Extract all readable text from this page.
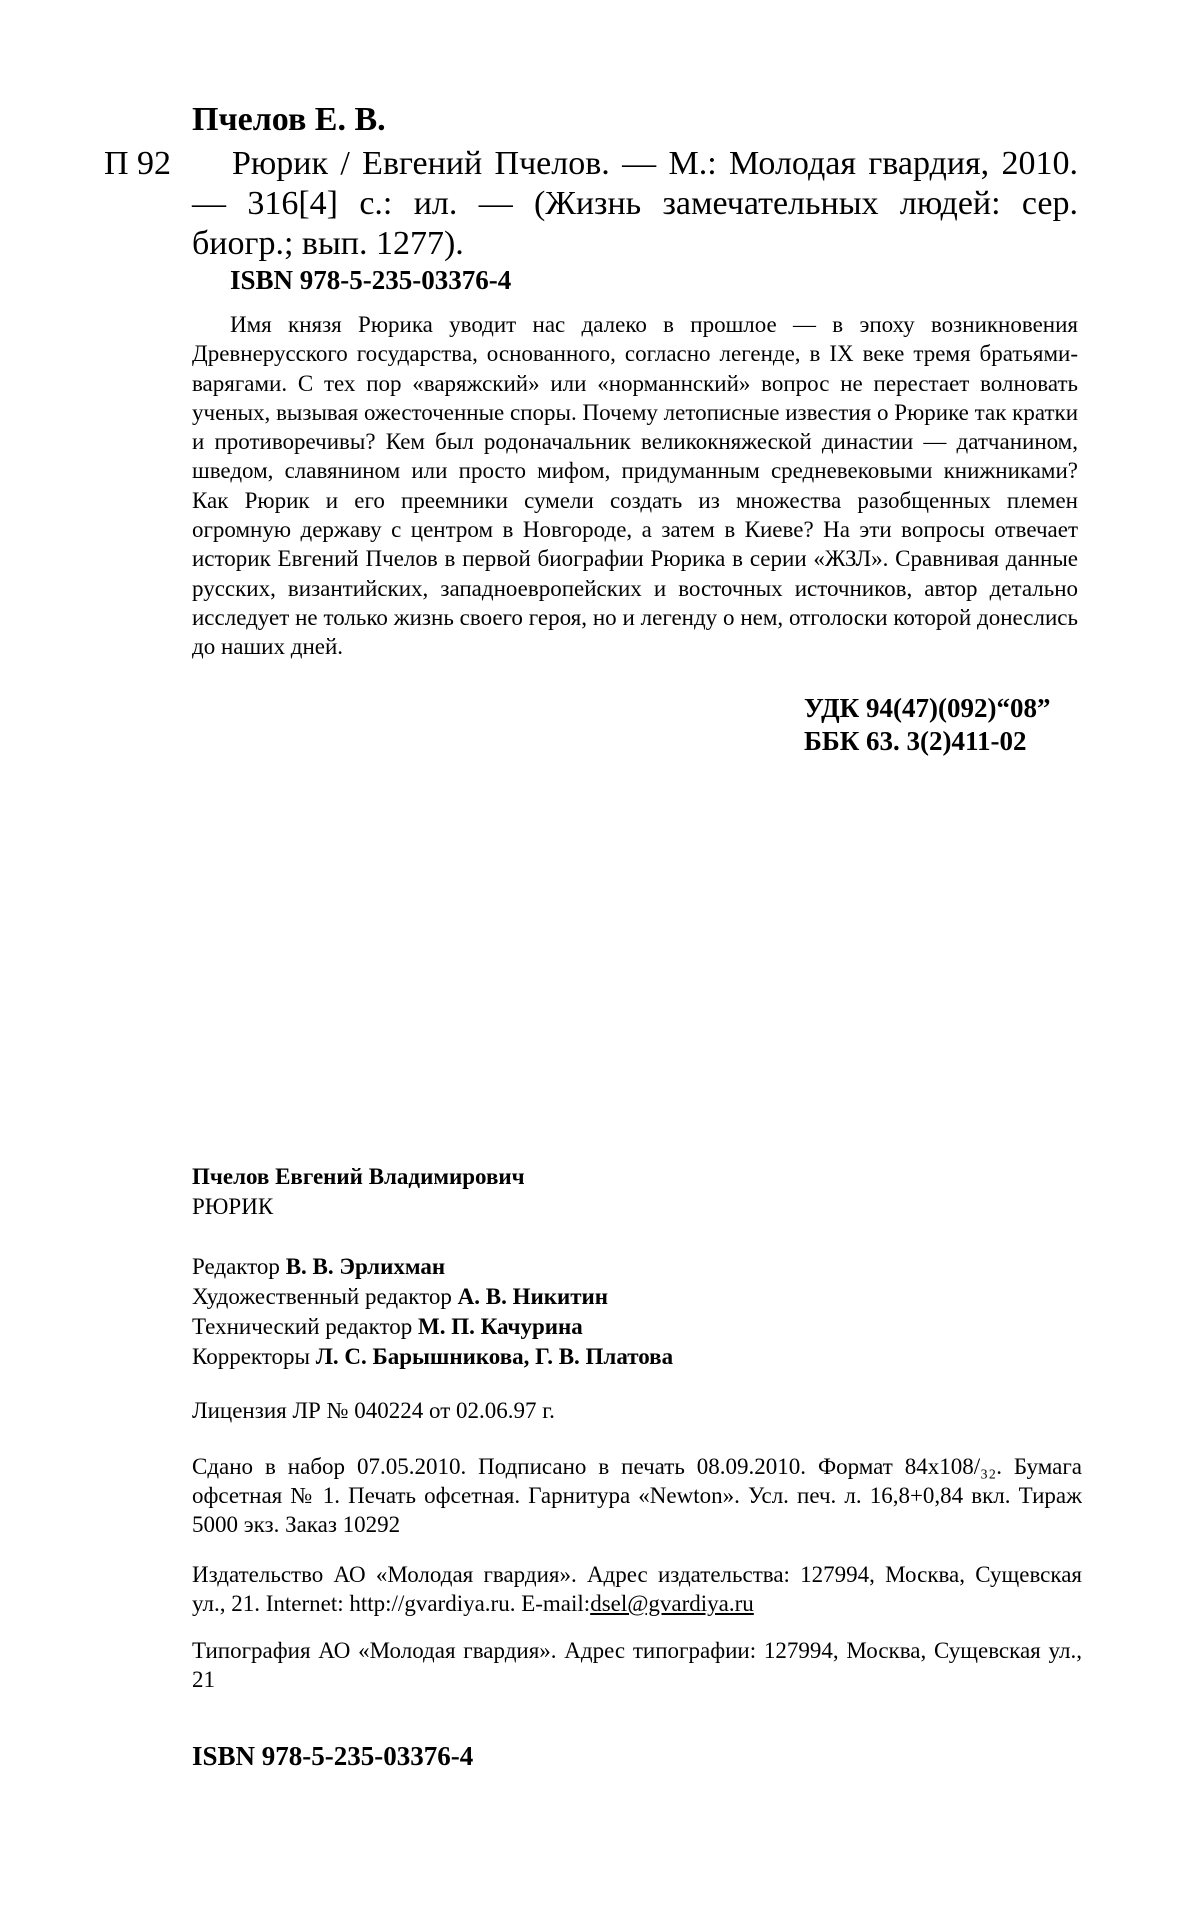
Пчелов Е. В.
П 92	Рюрик / Евгений Пчелов. — М.: Молодая гвардия, 2010. — 316[4] с.: ил. — (Жизнь замечательных людей: сер. биогр.; вып. 1277).
ISBN 978-5-235-03376-4

Имя князя Рюрика уводит нас далеко в прошлое — в эпоху возникновения Древнерусского государства, основанного, согласно легенде, в IX веке тремя братьями-варягами. С тех пор «варяжский» или «норманнский» вопрос не перестает волновать ученых, вызывая ожесточенные споры. Почему летописные известия о Рюрике так кратки и противоречивы? Кем был родоначальник великокняжеской династии — датчанином, шведом, славянином или просто мифом, придуманным средневековыми книжниками? Как Рюрик и его преемники сумели создать из множества разобщенных племен огромную державу с центром в Новгороде, а затем в Киеве? На эти вопросы отвечает историк Евгений Пчелов в первой биографии Рюрика в серии «ЖЗЛ». Сравнивая данные русских, византийских, западноевропейских и восточных источников, автор детально исследует не только жизнь своего героя, но и легенду о нем, отголоски которой донеслись до наших дней.

УДК 94(47)(092)“08”
ББК 63. 3(2)411-02
Пчелов Евгений Владимирович
РЮРИК
Редактор В. В. Эрлихман
Художественный редактор А. В. Никитин
Технический редактор М. П. Качурина
Корректоры Л. С. Барышникова, Г. В. Платова
Лицензия ЛР № 040224 от 02.06.97 г.
Сдано в набор 07.05.2010. Подписано в печать 08.09.2010. Формат 84x108/₃₂. Бумага офсетная № 1. Печать офсетная. Гарнитура «Newton». Усл. печ. л. 16,8+0,84 вкл. Тираж 5000 экз. Заказ 10292
Издательство АО «Молодая гвардия». Адрес издательства: 127994, Москва, Сущевская ул., 21. Internet: http://gvardiya.ru. E-mail:dsel@gvardiya.ru
Типография АО «Молодая гвардия». Адрес типографии: 127994, Москва, Сущевская ул., 21
ISBN 978-5-235-03376-4
